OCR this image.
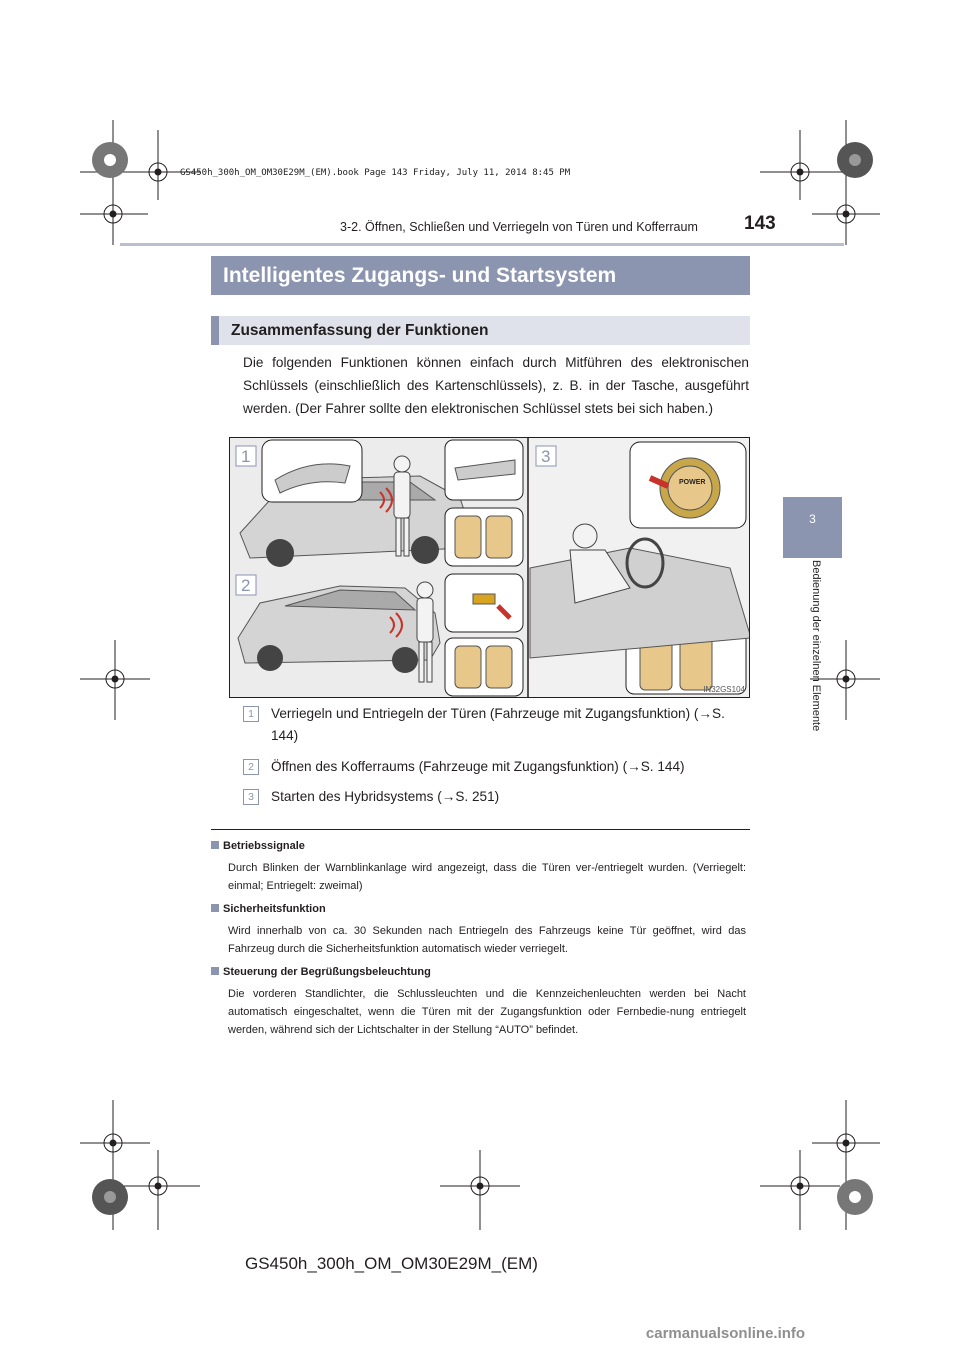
GS450h_300h_OM_OM30E29M_(EM).book Page 143 Friday, July 11, 2014 8:45 PM
3-2. Öffnen, Schließen und Verriegeln von Türen und Kofferraum 143
3
Bedienung der einzelnen Elemente
Intelligentes Zugangs- und Startsystem
Zusammenfassung der Funktionen
Die folgenden Funktionen können einfach durch Mitführen des elektronischen Schlüssels (einschließlich des Kartenschlüssels), z. B. in der Tasche, ausgeführt werden. (Der Fahrer sollte den elektronischen Schlüssel stets bei sich haben.)
POWER
1
2
3
IN32GS104
1	Verriegeln und Entriegeln der Türen (Fahrzeuge mit Zugangsfunktion) (→S. 144)
2	Öffnen des Kofferraums (Fahrzeuge mit Zugangsfunktion) (→S. 144)
3	Starten des Hybridsystems (→S. 251)
Betriebssignale
Durch Blinken der Warnblinkanlage wird angezeigt, dass die Türen ver-/entriegelt wurden. (Verriegelt: einmal; Entriegelt: zweimal)
Sicherheitsfunktion
Wird innerhalb von ca. 30 Sekunden nach Entriegeln des Fahrzeugs keine Tür geöffnet, wird das Fahrzeug durch die Sicherheitsfunktion automatisch wieder verriegelt.
Steuerung der Begrüßungsbeleuchtung
Die vorderen Standlichter, die Schlussleuchten und die Kennzeichenleuchten werden bei Nacht automatisch eingeschaltet, wenn die Türen mit der Zugangsfunktion oder Fernbedie-nung entriegelt werden, während sich der Lichtschalter in der Stellung “AUTO” befindet.
GS450h_300h_OM_OM30E29M_(EM)
carmanualsonline.info
